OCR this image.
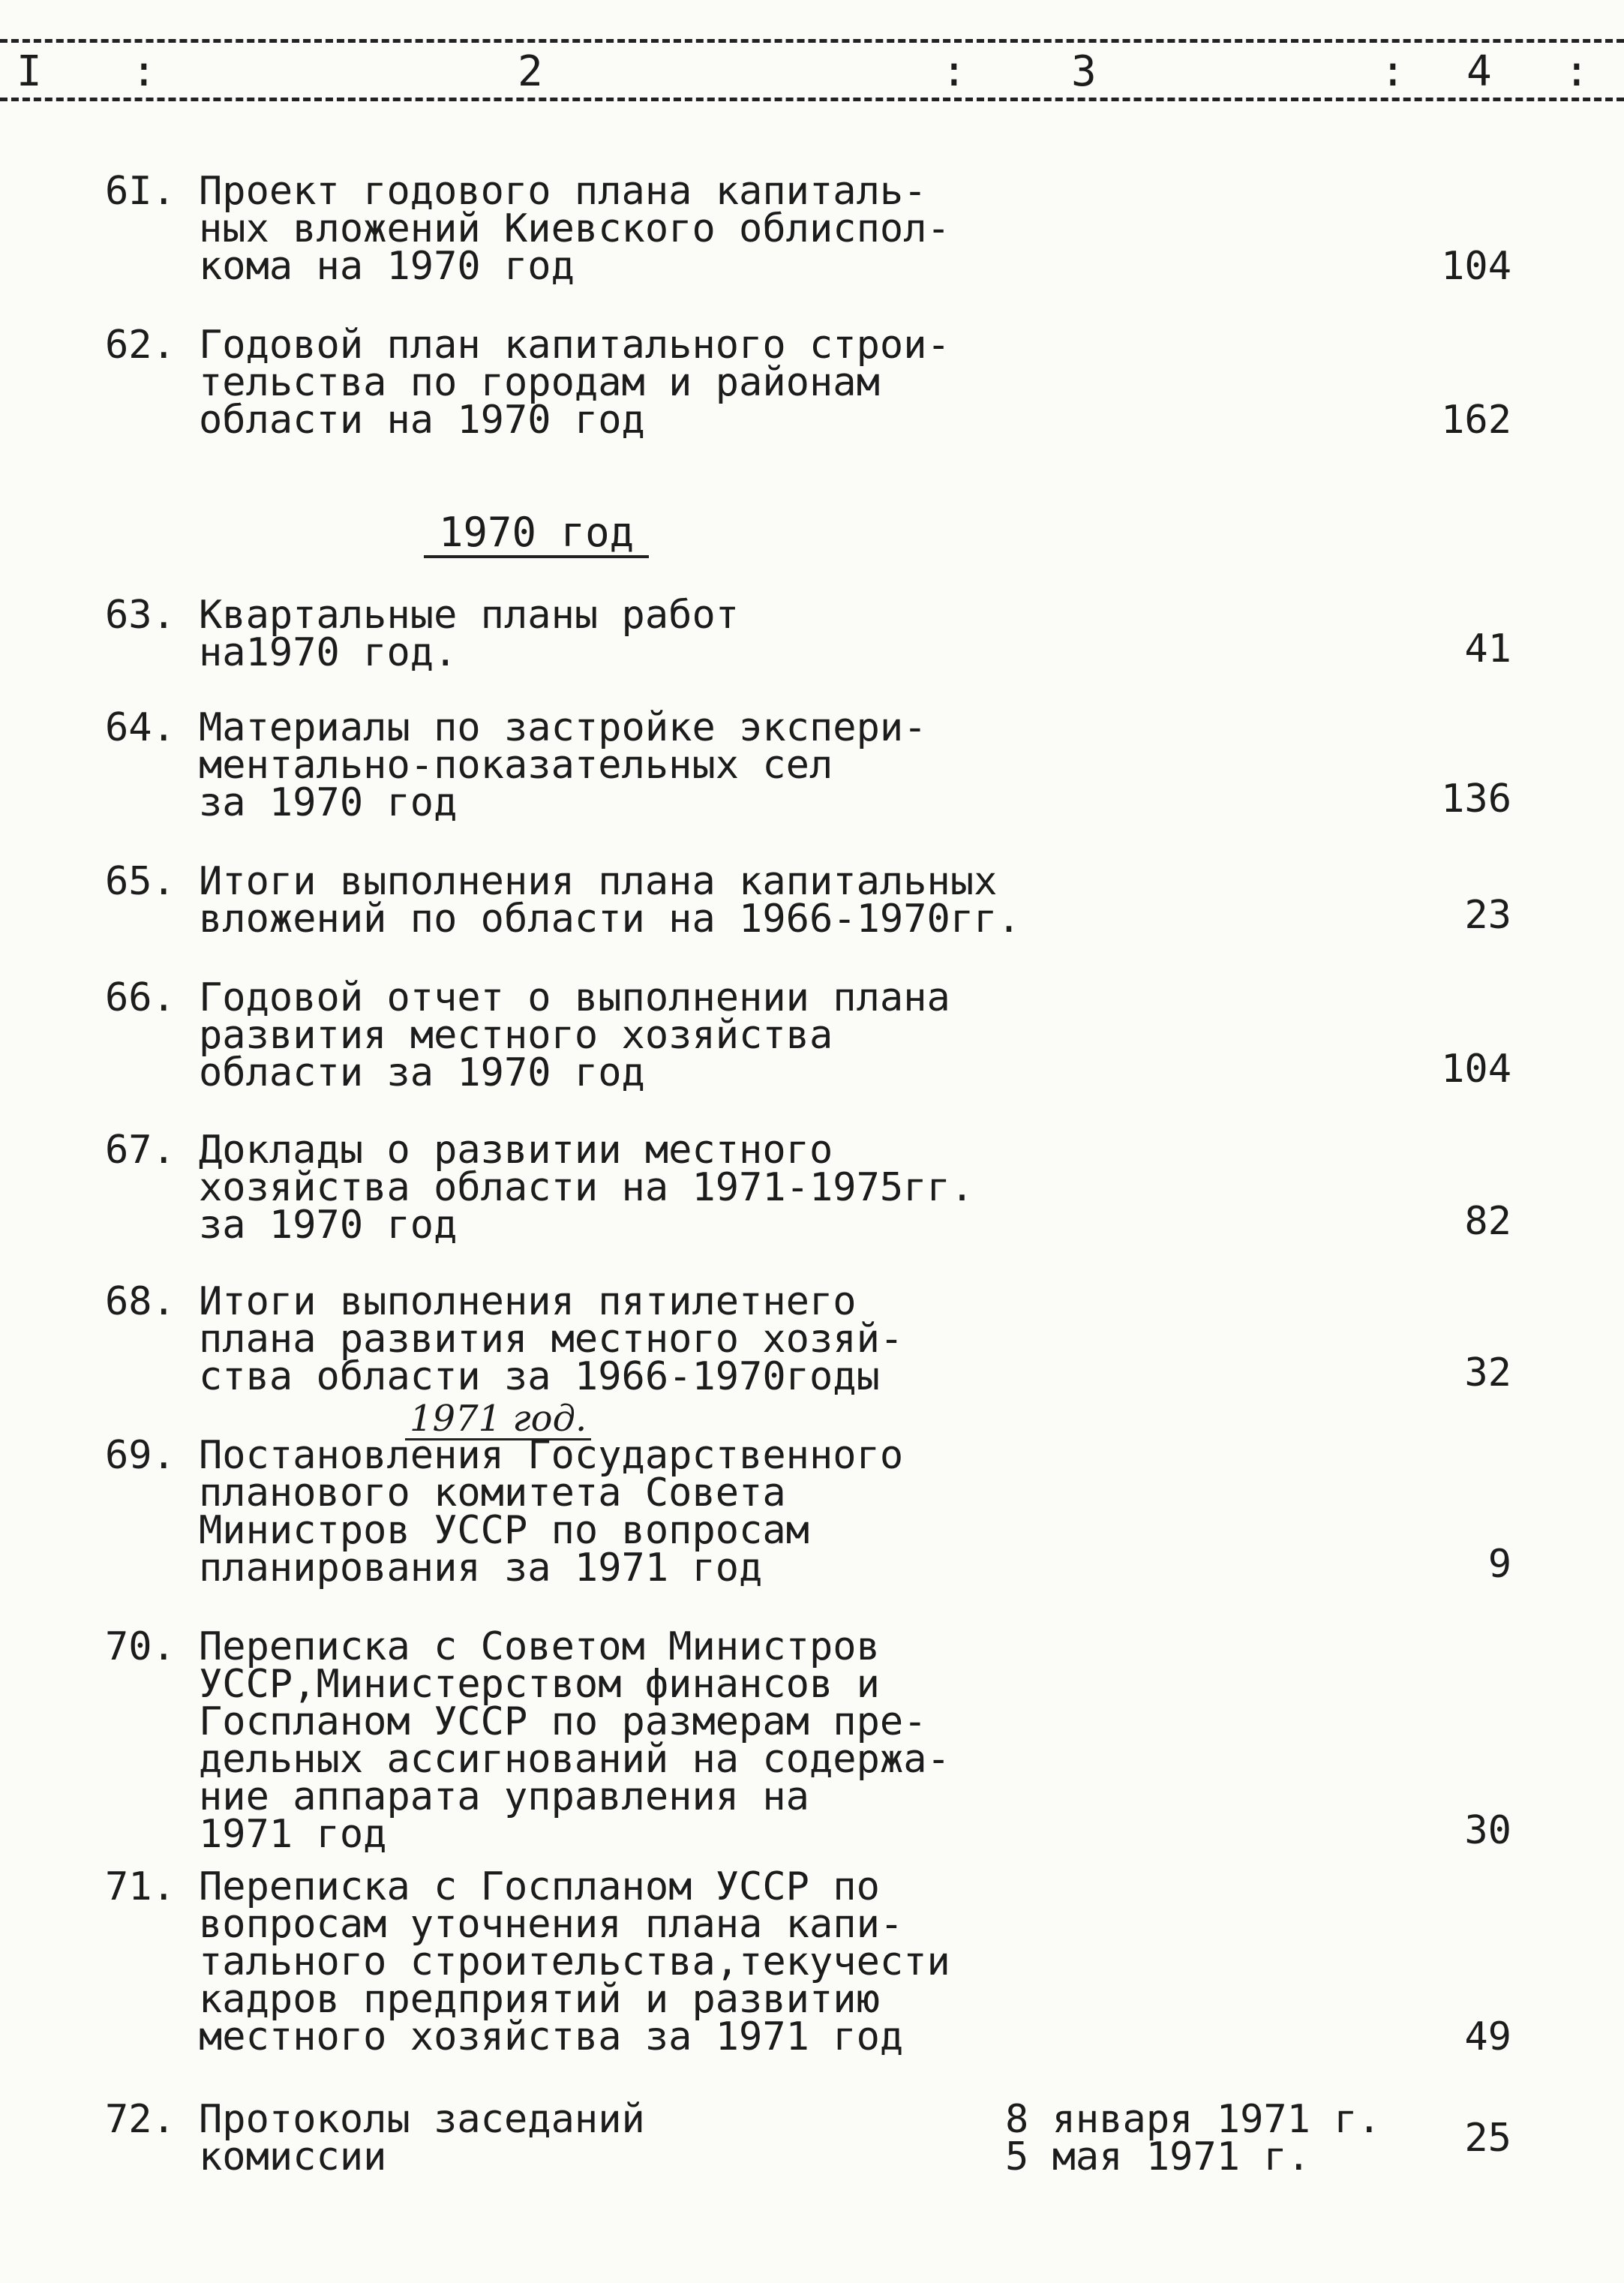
I :	2	: 3	: 4 :
6I. Проект годового плана капиталь-
ных вложений Киевского облиспол-
кома на 1970 год	104
62. Годовой план капитального строи-
тельства по городам и районам
области на 1970 год	162
1970 год
63. Квартальные планы работ
на1970 год.	41
64. Материалы по застройке экспери-
ментально-показательных сел
за 1970 год	136
65. Итоги выполнения плана капитальных
вложений по области на 1966-1970гг.	23
66. Годовой отчет о выполнении плана
развития местного хозяйства
области за 1970 год	104
67. Доклады о развитии местного
хозяйства области на 1971-1975гг.
за 1970 год	82
68. Итоги выполнения пятилетнего
плана развития местного хозяй-
ства области за 1966-1970годы	32
1971 год.
69. Постановления Государственного
планового комитета Совета
Министров УССР по вопросам
планирования за 1971 год	9
70. Переписка с Советом Министров
УССР,Министерством финансов и
Госпланом УССР по размерам пре-
дельных ассигнований на содержа-
ние аппарата управления на
1971 год	30
71. Переписка с Госпланом УССР по
вопросам уточнения плана капи-
тального строительства,текучести
кадров предприятий и развитию
местного хозяйства за 1971 год	49
72. Протоколы заседаний
комиссии
8 января 1971 г.
5 мая 1971 г.	25
